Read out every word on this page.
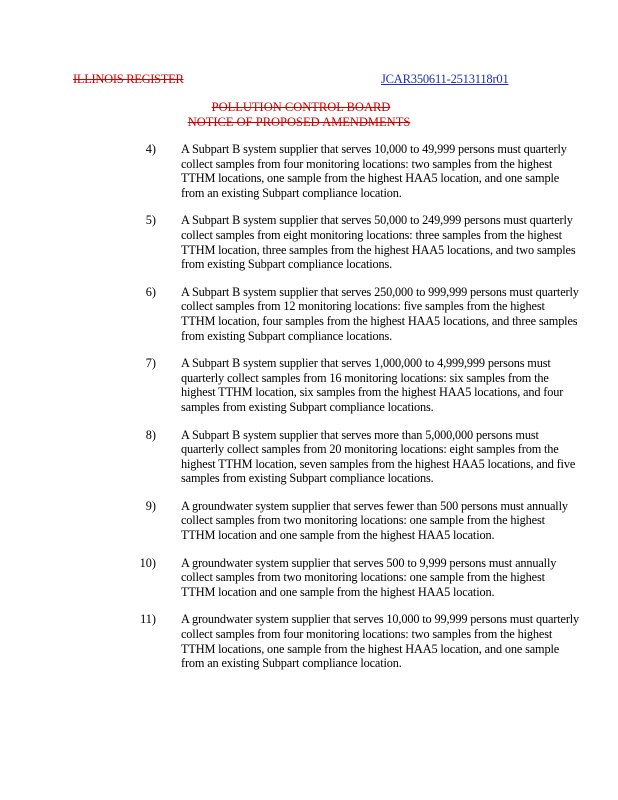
ILLINOIS REGISTER	JCAR350611-2513118r01
POLLUTION CONTROL BOARD
NOTICE OF PROPOSED AMENDMENTS
4) A Subpart B system supplier that serves 10,000 to 49,999 persons must quarterly collect samples from four monitoring locations: two samples from the highest TTHM locations, one sample from the highest HAA5 location, and one sample from an existing Subpart compliance location.
5) A Subpart B system supplier that serves 50,000 to 249,999 persons must quarterly collect samples from eight monitoring locations: three samples from the highest TTHM location, three samples from the highest HAA5 locations, and two samples from existing Subpart compliance locations.
6) A Subpart B system supplier that serves 250,000 to 999,999 persons must quarterly collect samples from 12 monitoring locations: five samples from the highest TTHM location, four samples from the highest HAA5 locations, and three samples from existing Subpart compliance locations.
7) A Subpart B system supplier that serves 1,000,000 to 4,999,999 persons must quarterly collect samples from 16 monitoring locations: six samples from the highest TTHM location, six samples from the highest HAA5 locations, and four samples from existing Subpart compliance locations.
8) A Subpart B system supplier that serves more than 5,000,000 persons must quarterly collect samples from 20 monitoring locations: eight samples from the highest TTHM location, seven samples from the highest HAA5 locations, and five samples from existing Subpart compliance locations.
9) A groundwater system supplier that serves fewer than 500 persons must annually collect samples from two monitoring locations: one sample from the highest TTHM location and one sample from the highest HAA5 location.
10) A groundwater system supplier that serves 500 to 9,999 persons must annually collect samples from two monitoring locations: one sample from the highest TTHM location and one sample from the highest HAA5 location.
11) A groundwater system supplier that serves 10,000 to 99,999 persons must quarterly collect samples from four monitoring locations: two samples from the highest TTHM locations, one sample from the highest HAA5 location, and one sample from an existing Subpart compliance location.
